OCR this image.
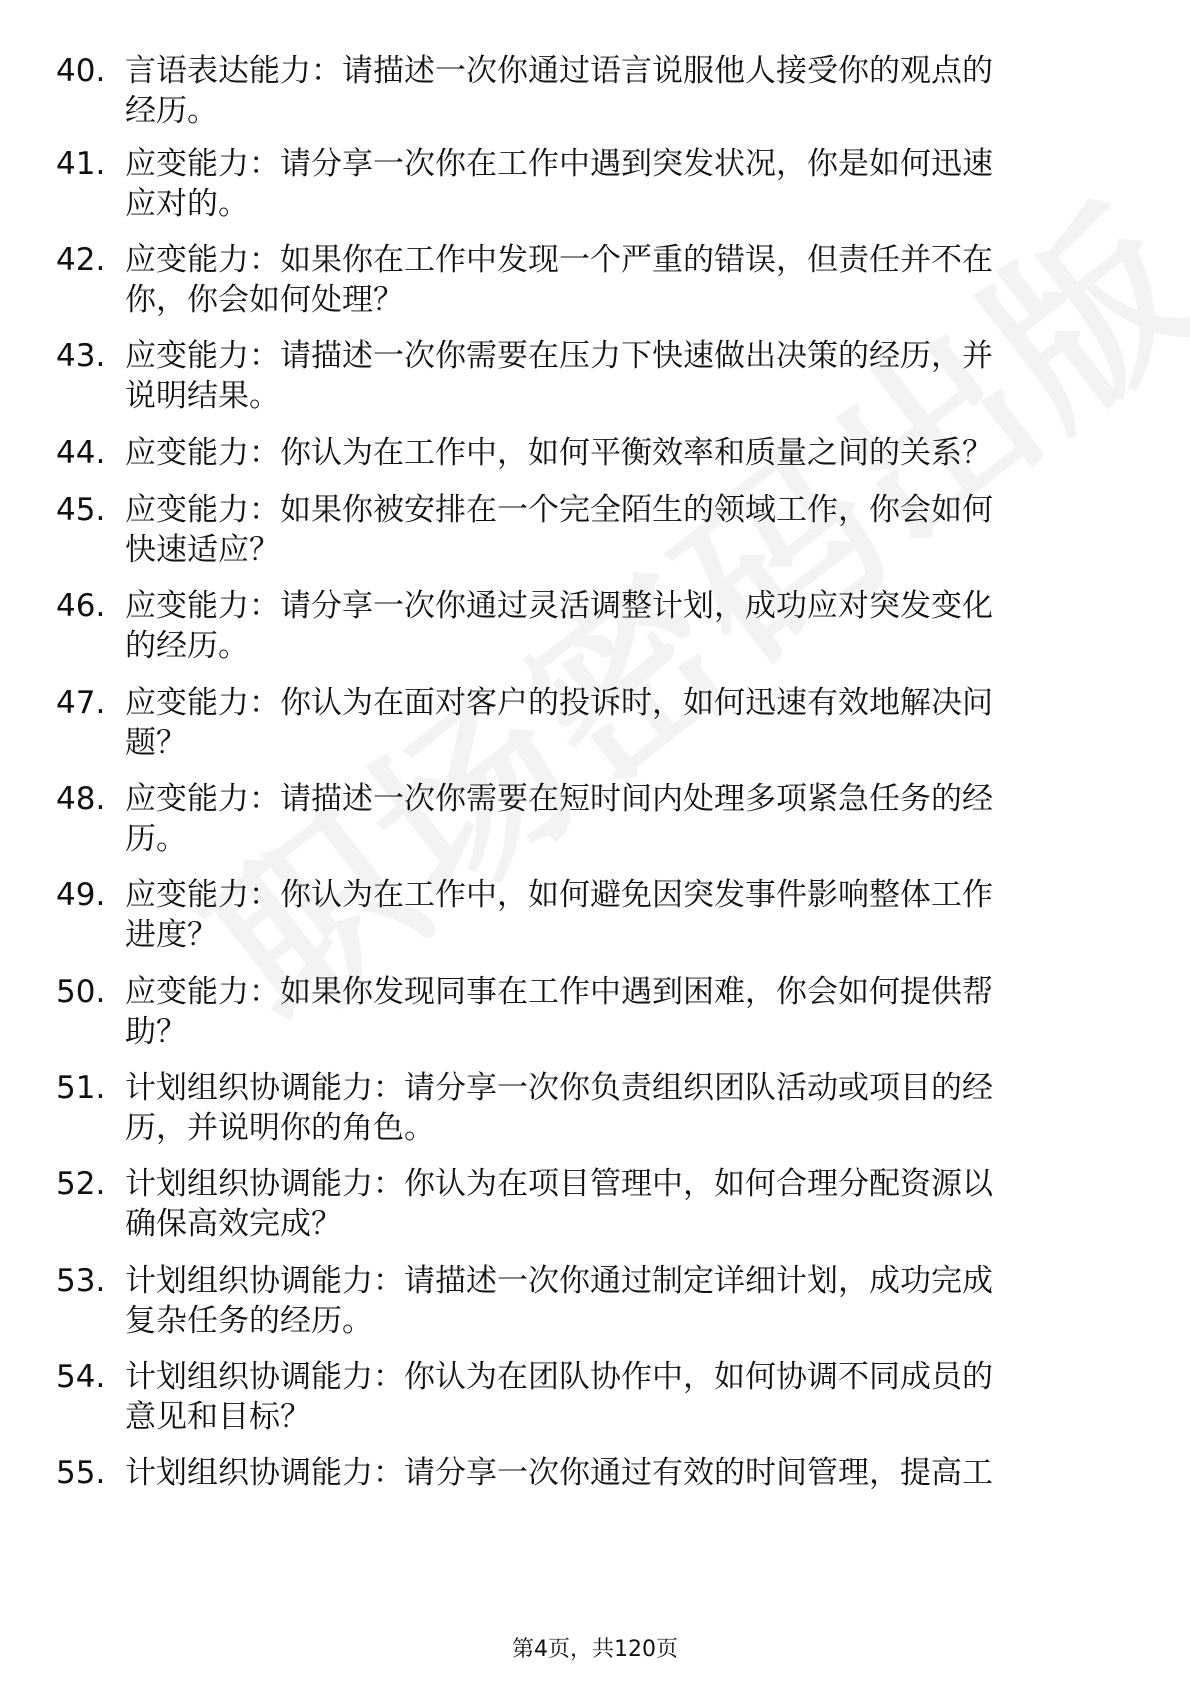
40. 言语表达能力：请描述一次你通过语言说服他人接受你的观点的
经历。
41. 应变能力：请分享一次你在工作中遇到突发状况，你是如何迅速
应对的。
42. 应变能力：如果你在工作中发现一个严重的错误，但责任并不在
你，你会如何处理？
43. 应变能力：请描述一次你需要在压力下快速做出决策的经历，并
说明结果。
44. 应变能力：你认为在工作中，如何平衡效率和质量之间的关系？
45. 应变能力：如果你被安排在一个完全陌生的领域工作，你会如何
快速适应？
46. 应变能力：请分享一次你通过灵活调整计划，成功应对突发变化
的经历。
47. 应变能力：你认为在面对客户的投诉时，如何迅速有效地解决问
题？
48. 应变能力：请描述一次你需要在短时间内处理多项紧急任务的经
历。
49. 应变能力：你认为在工作中，如何避免因突发事件影响整体工作
进度？
50. 应变能力：如果你发现同事在工作中遇到困难，你会如何提供帮
助？
51. 计划组织协调能力：请分享一次你负责组织团队活动或项目的经
历，并说明你的角色。
52. 计划组织协调能力：你认为在项目管理中，如何合理分配资源以
确保高效完成？
53. 计划组织协调能力：请描述一次你通过制定详细计划，成功完成
复杂任务的经历。
54. 计划组织协调能力：你认为在团队协作中，如何协调不同成员的
意见和目标？
55. 计划组织协调能力：请分享一次你通过有效的时间管理，提高工
第4页，共120页
